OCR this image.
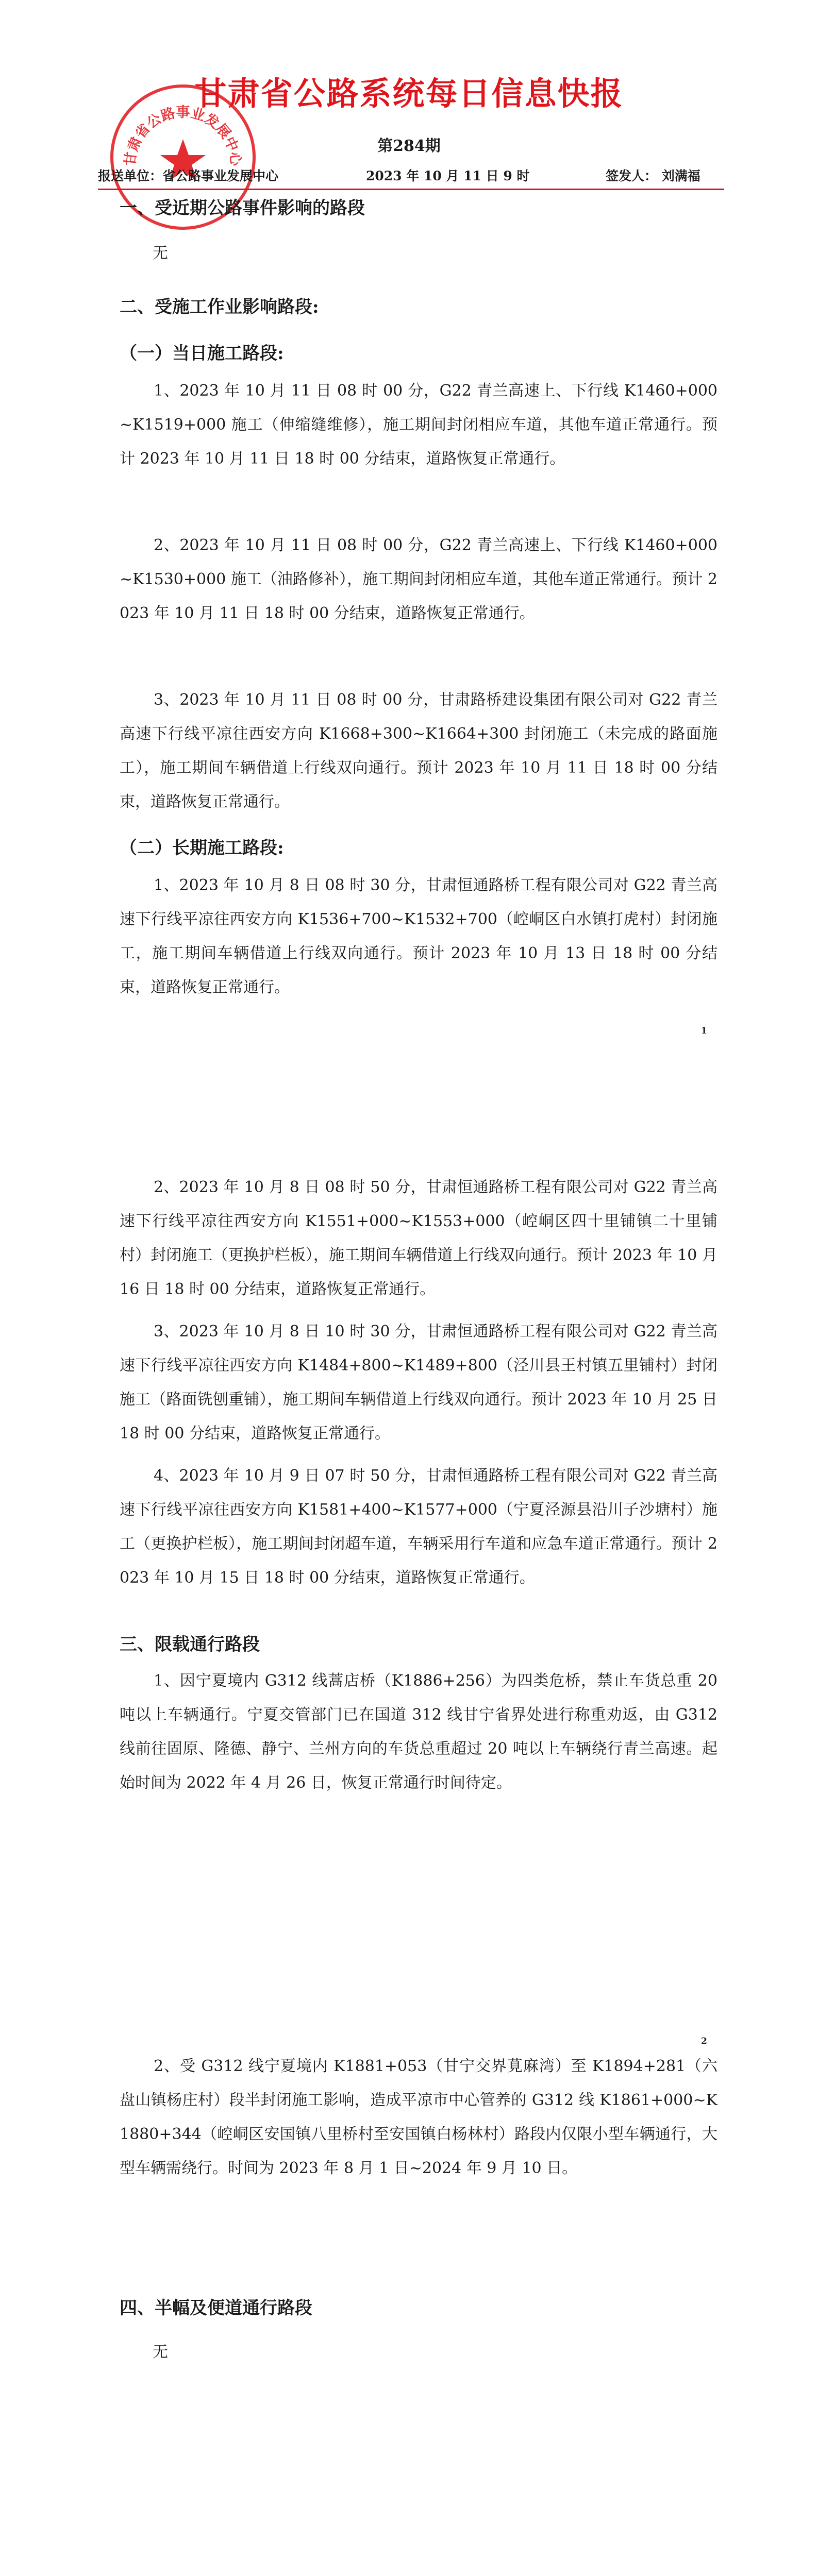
甘肃省公路事业发展中心
甘肃省公路系统每日信息快报
第284期
报送单位：省公路事业发展中心	2023 年 10 月 11 日 9 时	签发人： 刘满福
一、受近期公路事件影响的路段
无
二、受施工作业影响路段:
（一）当日施工路段:
1、2023 年 10 月 11 日 08 时 00 分，G22 青兰高速上、下行线 K1460+000~K1519+000 施工（伸缩缝维修），施工期间封闭相应车道，其他车道正常通行。预计 2023 年 10 月 11 日 18 时 00 分结束，道路恢复正常通行。
2、2023 年 10 月 11 日 08 时 00 分，G22 青兰高速上、下行线 K1460+000~K1530+000 施工（油路修补），施工期间封闭相应车道，其他车道正常通行。预计 2023 年 10 月 11 日 18 时 00 分结束，道路恢复正常通行。
3、2023 年 10 月 11 日 08 时 00 分，甘肃路桥建设集团有限公司对 G22 青兰高速下行线平凉往西安方向 K1668+300~K1664+300 封闭施工（未完成的路面施工），施工期间车辆借道上行线双向通行。预计 2023 年 10 月 11 日 18 时 00 分结束，道路恢复正常通行。
（二）长期施工路段:
1、2023 年 10 月 8 日 08 时 30 分，甘肃恒通路桥工程有限公司对 G22 青兰高速下行线平凉往西安方向 K1536+700~K1532+700（崆峒区白水镇打虎村）封闭施工，施工期间车辆借道上行线双向通行。预计 2023 年 10 月 13 日 18 时 00 分结束，道路恢复正常通行。
1
2、2023 年 10 月 8 日 08 时 50 分，甘肃恒通路桥工程有限公司对 G22 青兰高速下行线平凉往西安方向 K1551+000~K1553+000（崆峒区四十里铺镇二十里铺村）封闭施工（更换护栏板），施工期间车辆借道上行线双向通行。预计 2023 年 10 月 16 日 18 时 00 分结束，道路恢复正常通行。
3、2023 年 10 月 8 日 10 时 30 分，甘肃恒通路桥工程有限公司对 G22 青兰高速下行线平凉往西安方向 K1484+800~K1489+800（泾川县王村镇五里铺村）封闭施工（路面铣刨重铺），施工期间车辆借道上行线双向通行。预计 2023 年 10 月 25 日 18 时 00 分结束，道路恢复正常通行。
4、2023 年 10 月 9 日 07 时 50 分，甘肃恒通路桥工程有限公司对 G22 青兰高速下行线平凉往西安方向 K1581+400~K1577+000（宁夏泾源县沿川子沙塘村）施工（更换护栏板），施工期间封闭超车道，车辆采用行车道和应急车道正常通行。预计 2023 年 10 月 15 日 18 时 00 分结束，道路恢复正常通行。
三、限载通行路段
1、因宁夏境内 G312 线蒿店桥（K1886+256）为四类危桥，禁止车货总重 20 吨以上车辆通行。宁夏交管部门已在国道 312 线甘宁省界处进行称重劝返，由 G312 线前往固原、隆德、静宁、兰州方向的车货总重超过 20 吨以上车辆绕行青兰高速。起始时间为 2022 年 4 月 26 日，恢复正常通行时间待定。
2
2、受 G312 线宁夏境内 K1881+053（甘宁交界莧麻湾）至 K1894+281（六盘山镇杨庄村）段半封闭施工影响，造成平凉市中心管养的 G312 线 K1861+000~K1880+344（崆峒区安国镇八里桥村至安国镇白杨林村）路段内仅限小型车辆通行，大型车辆需绕行。时间为 2023 年 8 月 1 日~2024 年 9 月 10 日。
四、半幅及便道通行路段
无
